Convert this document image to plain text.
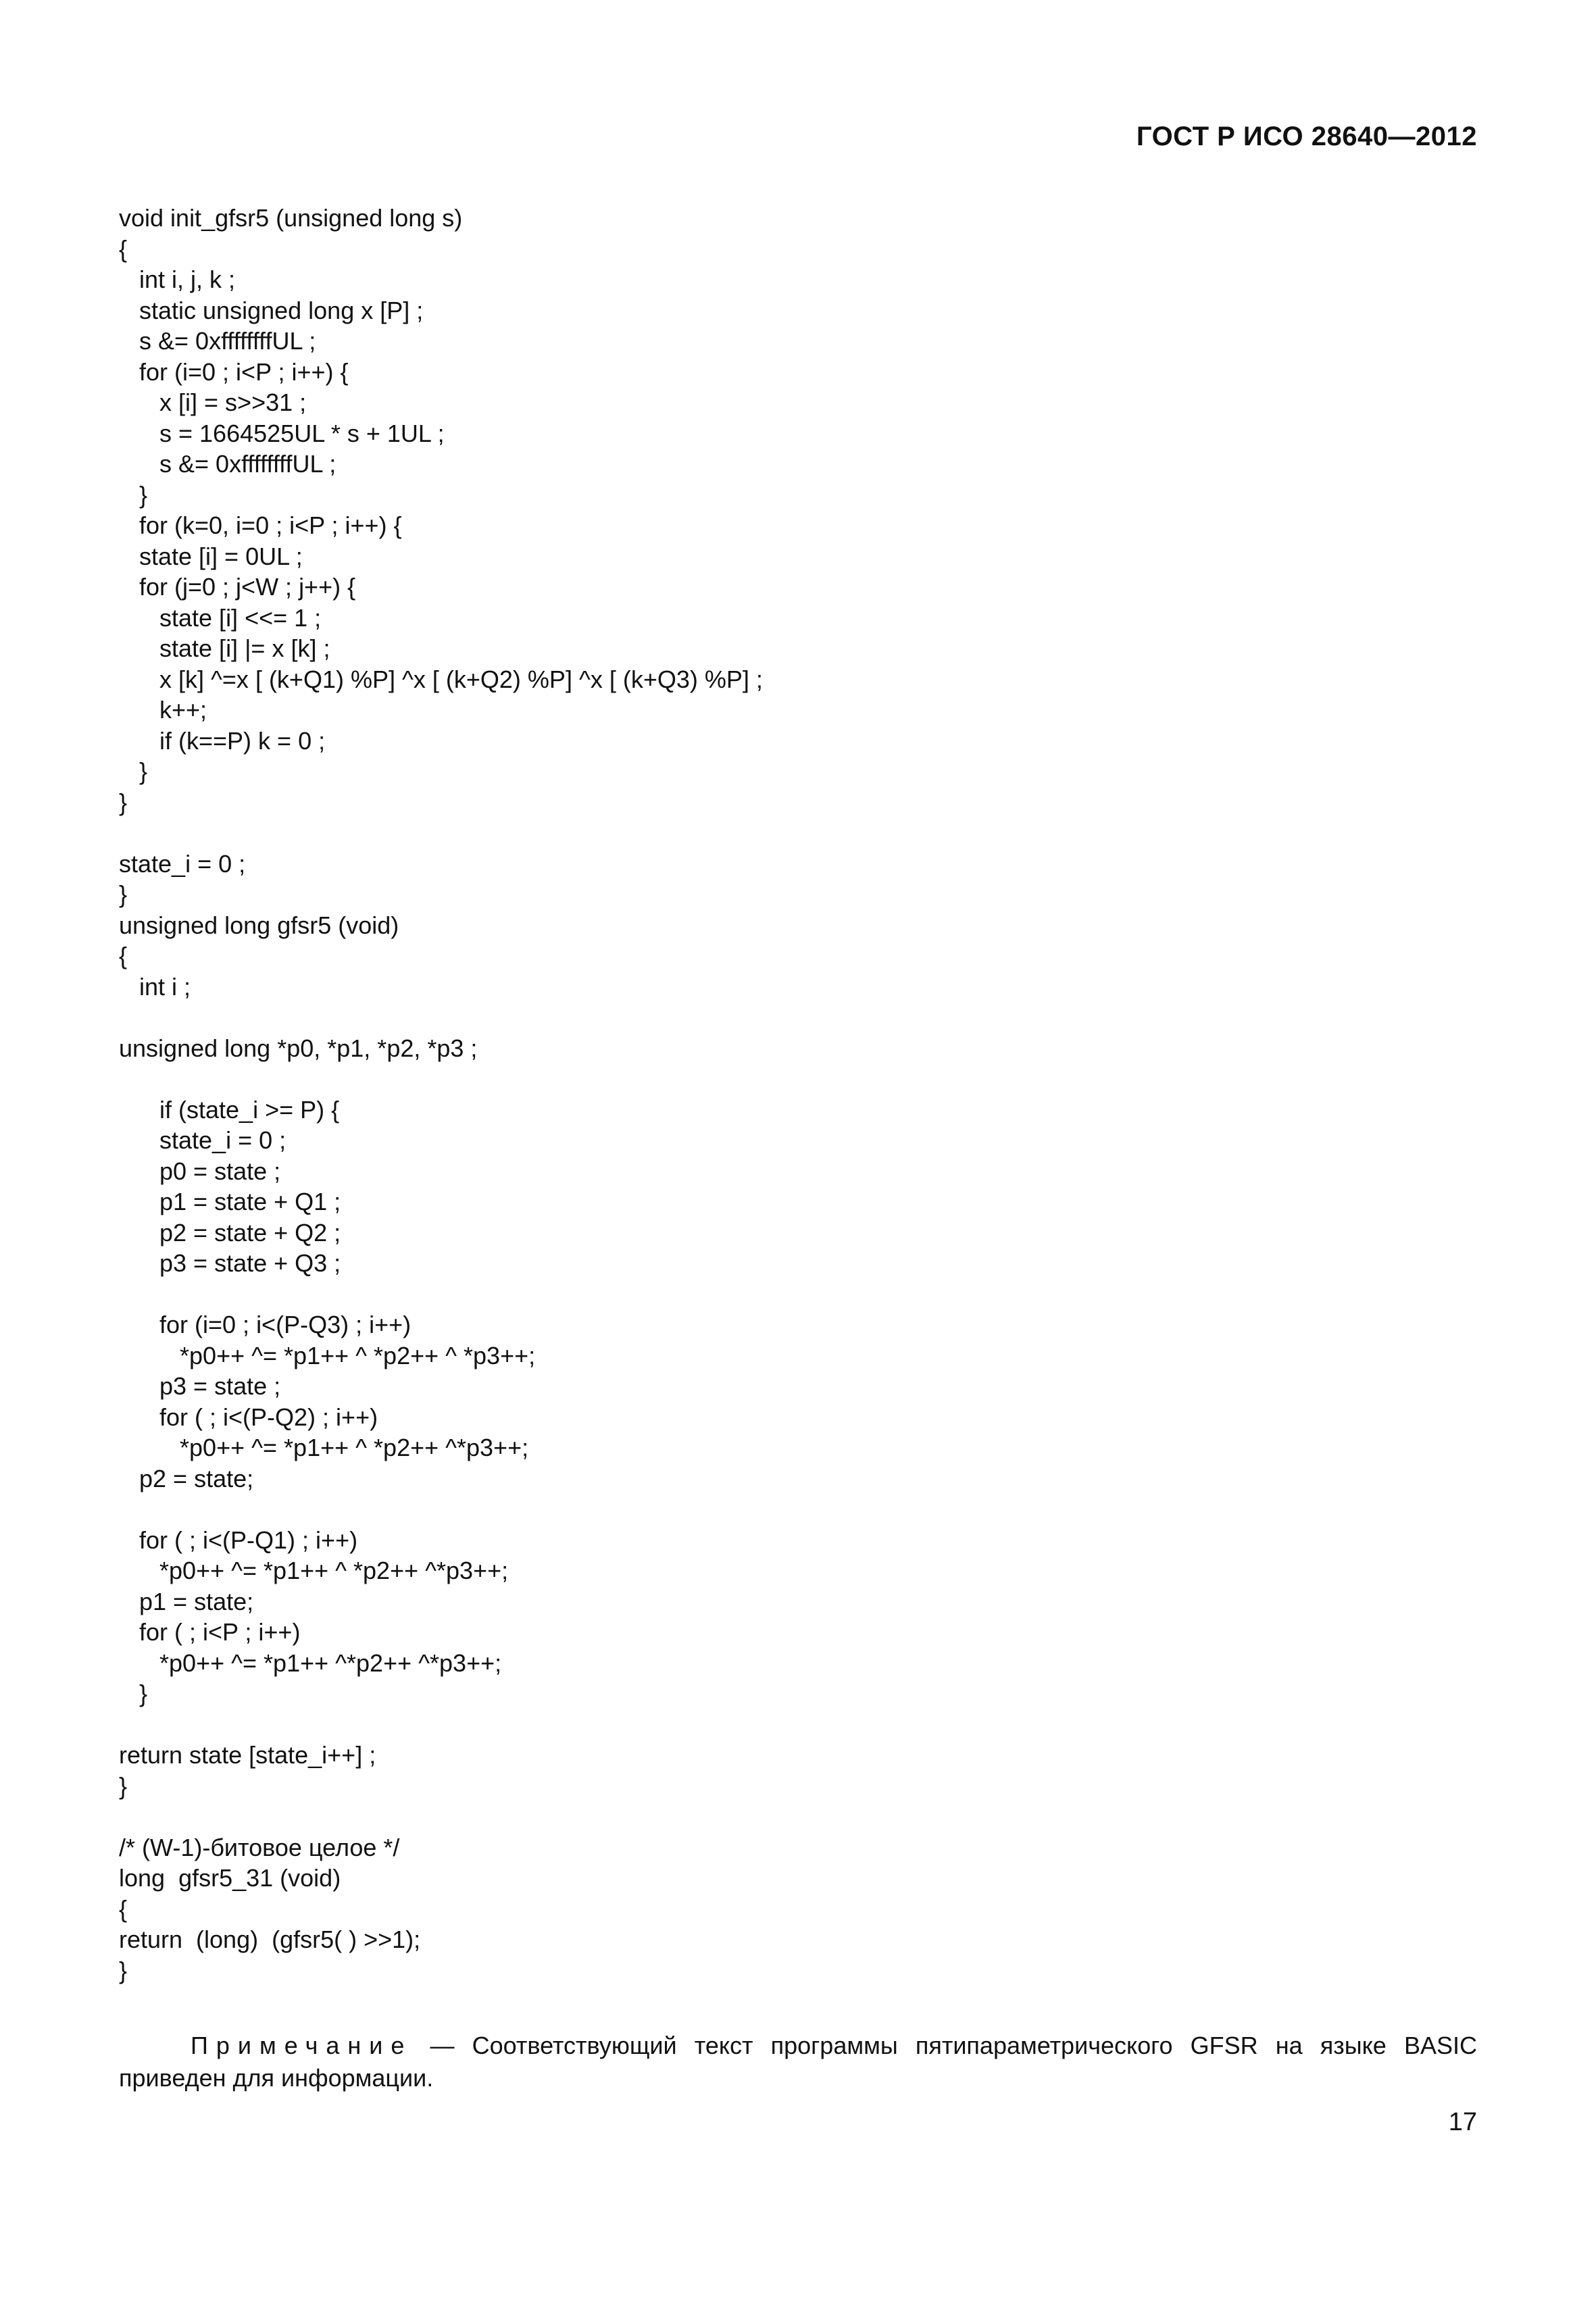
ГОСТ Р ИСО 28640—2012
void init_gfsr5 (unsigned long s)
{
int i, j, k ;
static unsigned long x [P] ;
s &= 0xffffffffUL ;
for (i=0 ; i<P ; i++) {
x [i] = s>>31 ;
s = 1664525UL * s + 1UL ;
s &= 0xffffffffUL ;
}
for (k=0, i=0 ; i<P ; i++) {
state [i] = 0UL ;
for (j=0 ; j<W ; j++) {
state [i] <<= 1 ;
state [i] |= x [k] ;
x [k] ^=x [ (k+Q1) %P] ^x [ (k+Q2) %P] ^x [ (k+Q3) %P] ;
k++;
if (k==P) k = 0 ;
}
}
state_i = 0 ;
}
unsigned long gfsr5 (void)
{
int i ;
unsigned long *p0, *p1, *p2, *p3 ;
if (state_i >= P) {
state_i = 0 ;
p0 = state ;
p1 = state + Q1 ;
p2 = state + Q2 ;
p3 = state + Q3 ;
for (i=0 ; i<(P-Q3) ; i++)
*p0++ ^= *p1++ ^ *p2++ ^ *p3++;
p3 = state ;
for ( ; i<(P-Q2) ; i++)
*p0++ ^= *p1++ ^ *p2++ ^*p3++;
p2 = state;
for ( ; i<(P-Q1) ; i++)
*p0++ ^= *p1++ ^ *p2++ ^*p3++;
p1 = state;
for ( ; i<P ; i++)
*p0++ ^= *p1++ ^*p2++ ^*p3++;
}
return state [state_i++] ;
}
/* (W-1)-битовое целое */
long  gfsr5_31 (void)
{
return  (long)  (gfsr5( ) >>1);
}
Примечание — Соответствующий текст программы пятипараметрического GFSR на языке BASIC
приведен для информации.
17
